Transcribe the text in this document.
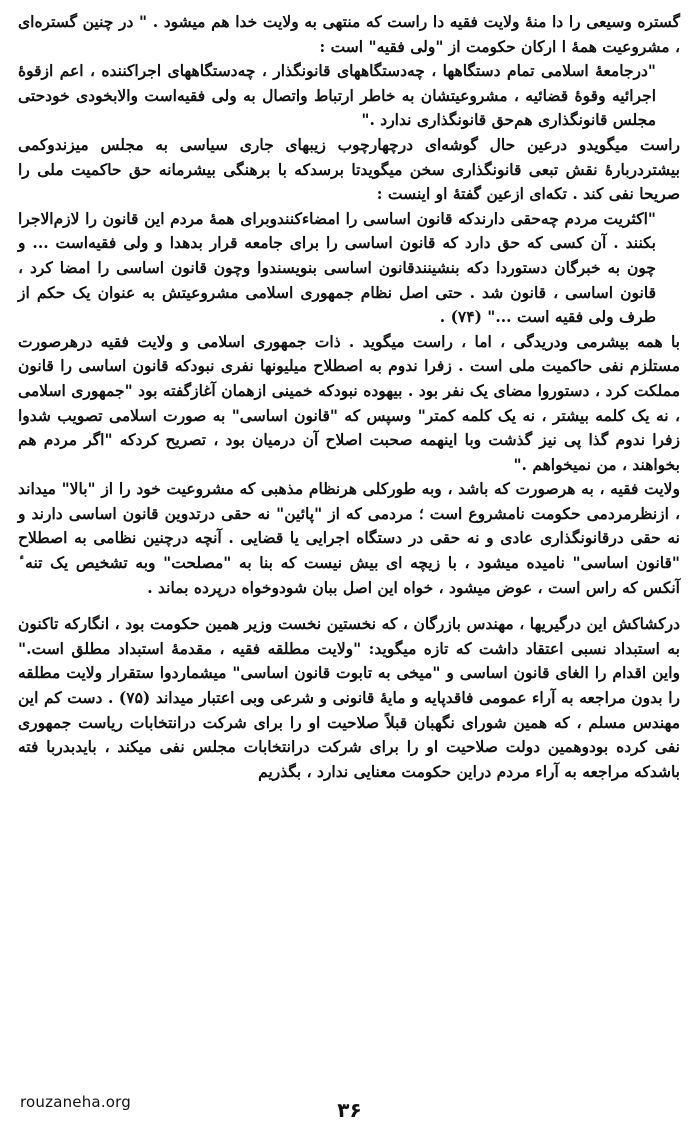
گستره‌ وسیعی را دا منه‌ٔ ولایت فقیه‌ دا راست که منتهی به‌ ولایت خدا هم میشود . " در چنین گستره‌ای ، مشروعیت همه‌ٔ ا ارکان حکومت از "ولی فقیه" است :

"درجامعهٔ اسلامی تمام دستگاهها ، چه‌دستگاههای قانونگذار ، چه‌دستگاههای اجراکننده ، اعم ازقوهٔ اجرائیه‌ وقوهٔ قضائیه ، مشروعیتشان به‌ خاطر ارتباط واتصال به‌ ولی فقیه‌است والابخودی خودحتی مجلس قانونگذاری هم‌حق قانونگذاری ندارد ."

راست میگویدو درعین حال گوشه‌ای درچهارچوب زیبهای جاری سیاسی به‌ مجلس میزندوکمی بیشتردربارهٔ نقش تبعی قانونگذاری سخن میگویدتا برسدکه با برهنگی بیشرمانه حق حاکمیت ملی را صریحا نفی کند . تکه‌ای ازعین گفته‌ٔ او اینست :

"اکثریت مردم چه‌حقی دارندکه‌ قانون اساسی را امضاءکنندوبرای همهٔ مردم این قانون را لازم‌الاجرا بکنند . آن کسی که حق دارد که قانون اساسی را برای جامعه‌ قرار بدهدا و ولی فقیه‌است ... و چون به‌ خبرگان دستوردا دکه‌ بنشینندقانون اساسی بنویسندوا وچون قانون اساسی را امضا کرد ، قانون اساسی ، قانون شد . حتی اصل نظام جمهوری اسلامی مشروعیتش به‌ عنوان یک حکم از طرف ولی فقیه‌ است ..." (۷۴) .

با همه‌ بیشرمی ودریدگی ، اما ، راست میگوید . ذات جمهوری اسلامی و ولایت فقیه‌ درهرصورت مستلزم نفی حاکمیت ملی است . زفرا ندوم به‌ اصطلاح میلیونها نفری نبودکه‌ قانون اساسی را قانون مملکت کرد ، دستوروا مضای یک نفر بود . بیهوده نبودکه‌ خمینی ازهمان آغازگفته‌ بود "جمهوری اسلامی ، نه‌ یک کلمه‌ بیشتر ، نه‌ یک کلمه کمتر" وسپس که "قانون اساسی" به‌ صورت اسلامی تصویب شدوا زفرا ندوم گذا پی نیز گذشت وبا اینهمه‌ صحبت اصلاح آن درمیان بود ، تصریح کردکه "اگر مردم هم بخواهند ، من نمیخواهم ."

ولایت فقیه ، به‌ هرصورت که باشد ، وبه‌ طورکلی هرنظام مذهبی که‌ مشروعیت خود را از "بالا" میداند ، ازنظرمردمی حکومت نامشروع است ؛ مردمی که از "پائین" نه‌ حقی درتدوین قانون اساسی دارند و نه‌ حقی درقانونگذاری عادی و نه‌ حقی در دستگاه اجرایی یا قضایی . آنچه‌ درچنین نظامی به‌ اصطلاح "قانون اساسی" نامیده میشود ، با زیچه‌ ای بیش نیست که بنا به‌ "مصلحت" وبه‌ تشخیص یک تنه‌ ٔ آنکس که راس است ، عوض میشود ، خواه این اصل ببان شودوخواه درپرده‌ بماند .

درکشاکش این درگیریها ، مهندس بازرگان ، که‌ نخستین نخست وزیر همین حکومت بود ، انگارکه‌ تاکنون به‌ استبداد نسبی اعتقاد داشت که‌ تازه میگوید: "ولایت مطلقه‌ فقیه ، مقدمه‌ٔ استبداد مطلق است." واین اقدام را الغای قانون اساسی و "میخی به‌ تابوت قانون اساسی" میشماردوا ستقرار ولایت مطلقه را بدون مراجعه به‌ آراء عمومی فاقدپایه‌ و مایه‌ٔ قانونی و شرعی وبی اعتبار میداند (۷۵) . دست کم این مهندس مسلم ، که‌ همین شورای نگهبان قبلاً صلاحیت او را برای شرکت درانتخابات ریاست جمهوری نفی کرده‌ بودوهمین دولت صلاحیت او را برای شرکت درانتخابات مجلس نفی میکند ، بایدبدربا فته‌ باشدکه‌ مراجعه‌ به‌ آراء مردم دراین حکومت معنایی ندارد ، بگذریم

rouzaneha.org	۳۶
